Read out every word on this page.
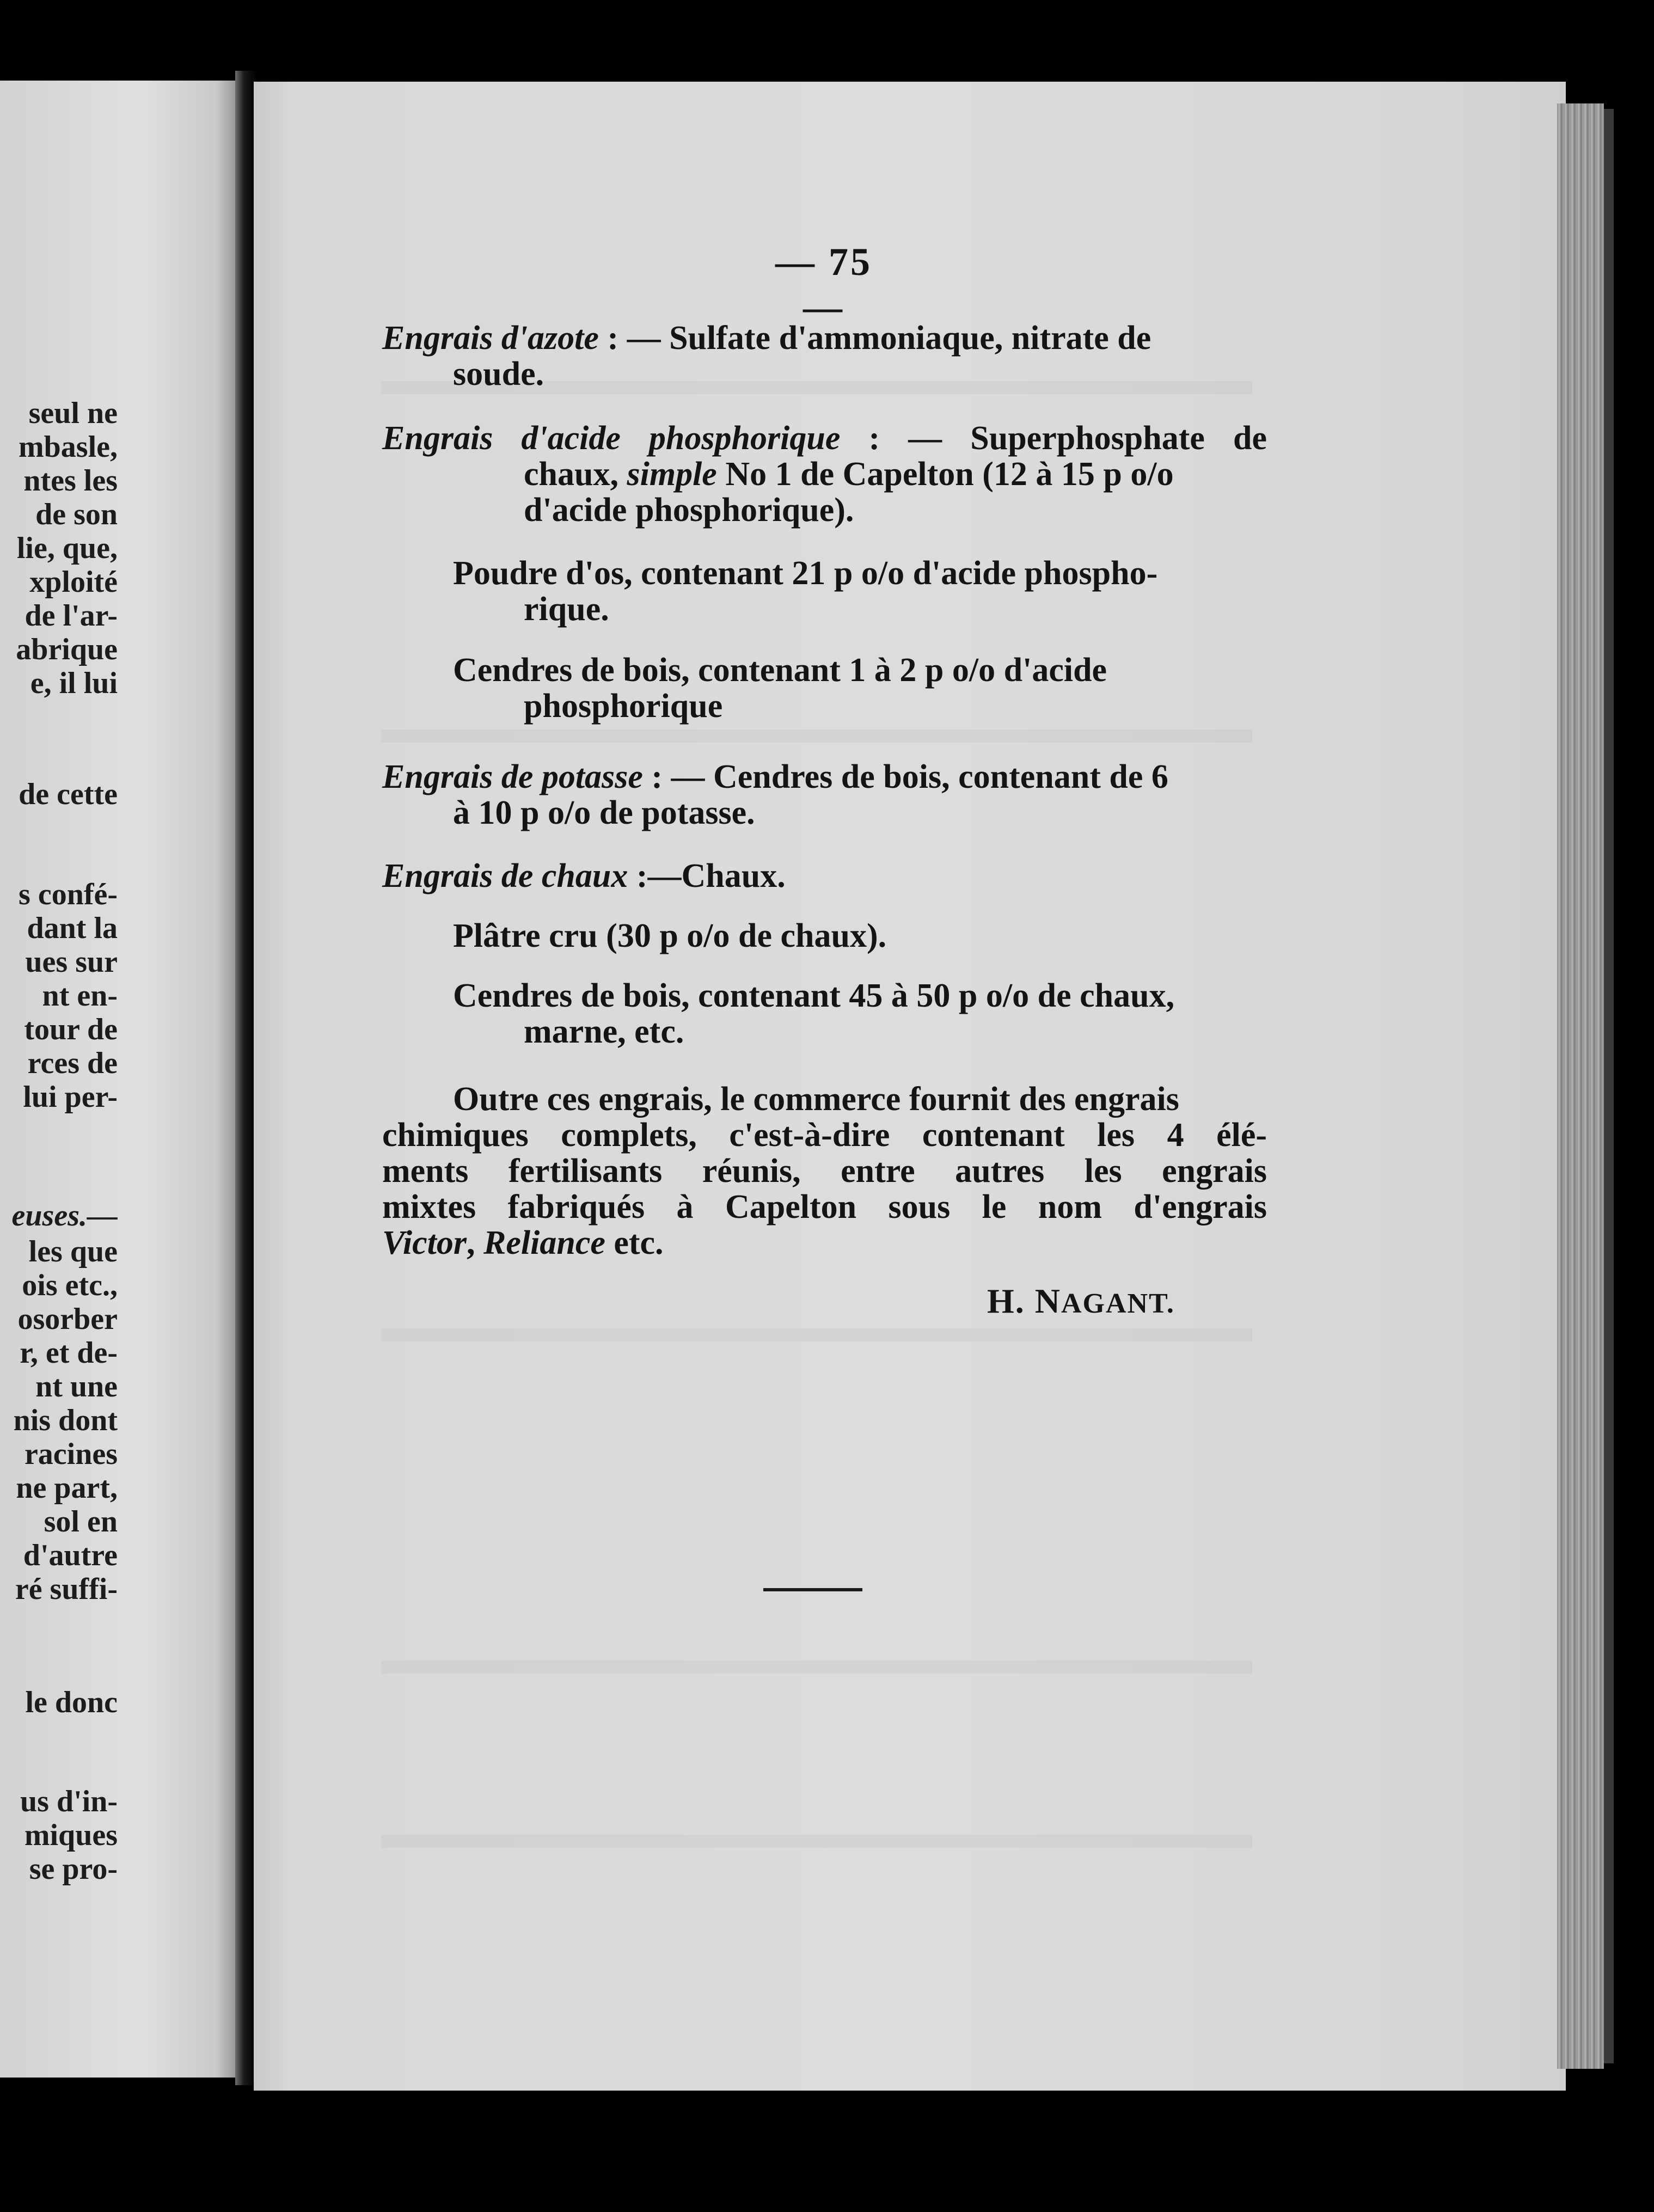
seul ne
mbasle,
ntes les
de son
lie, que,
xploité
de l'ar-
abrique
e, il lui
de cette
s confé-
dant la
ues sur
nt en-
tour de
rces de
lui per-
euses.—
les que
ois etc.,
osorber
r, et de-
nt une
nis dont
racines
ne part,
sol en
d'autre
ré suffi-
le donc
us d'in-
miques
se pro-
— 75 —
Engrais d'azote : — Sulfate d'ammoniaque, nitrate de
soude.
Engrais d'acide phosphorique : — Superphosphate de
chaux, simple No 1 de Capelton (12 à 15 p o/o
d'acide phosphorique).
Poudre d'os, contenant 21 p o/o d'acide phospho-
rique.
Cendres de bois, contenant 1 à 2 p o/o d'acide
phosphorique
Engrais de potasse : — Cendres de bois, contenant de 6
à 10 p o/o de potasse.
Engrais de chaux :—Chaux.
Plâtre cru (30 p o/o de chaux).
Cendres de bois, contenant 45 à 50 p o/o de chaux,
marne, etc.
Outre ces engrais, le commerce fournit des engrais
chimiques complets, c'est-à-dire contenant les 4 élé-
ments fertilisants réunis, entre autres les engrais
mixtes fabriqués à Capelton sous le nom d'engrais
Victor, Reliance etc.
H. NAGANT.
